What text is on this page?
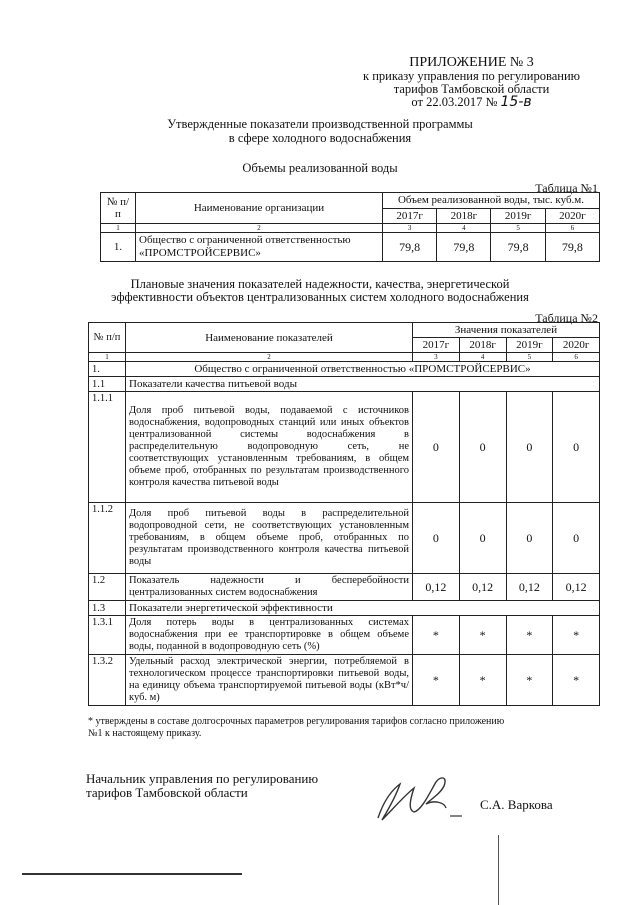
ПРИЛОЖЕНИЕ № 3
к приказу управления по регулированию
тарифов Тамбовской области
от 22.03.2017 № 15-в
Утвержденные показатели производственной программы
в сфере холодного водоснабжения
Объемы реализованной воды
Таблица №1
№ п/п	Наименование организации	Объем реализованной воды, тыс. куб.м.			
		2017г	2018г	2019г	2020г
1	2	3	4	5	6
1.	Общество с ограниченной ответственностью «ПРОМСТРОЙСЕРВИС»	79,8	79,8	79,8	79,8
Плановые значения показателей надежности, качества, энергетической
эффективности объектов централизованных систем холодного водоснабжения
Таблица №2
№ п/п	Наименование показателей	Значения показателей			
		2017г	2018г	2019г	2020г
1	2	3	4	5	6
1.	Общество с ограниченной ответственностью «ПРОМСТРОЙСЕРВИС»				
1.1	Показатели качества питьевой воды				
1.1.1	Доля проб питьевой воды, подаваемой с источников водоснабжения, водопроводных станций или иных объектов централизованной системы водоснабжения в распределительную водопроводную сеть, не соответствующих установленным требованиям, в общем объеме проб, отобранных по результатам производственного контроля качества питьевой воды	0	0	0	0
1.1.2	Доля проб питьевой воды в распределительной водопроводной сети, не соответствующих установленным требованиям, в общем объеме проб, отобранных по результатам производственного контроля качества питьевой воды	0	0	0	0
1.2	Показатель надежности и бесперебойности централизованных систем водоснабжения	0,12	0,12	0,12	0,12
1.3	Показатели энергетической эффективности				
1.3.1	Доля потерь воды в централизованных системах водоснабжения при ее транспортировке в общем объеме воды, поданной в водопроводную сеть (%)	*	*	*	*
1.3.2	Удельный расход электрической энергии, потребляемой в технологическом процессе транспортировки питьевой воды, на единицу объема транспортируемой питьевой воды (кВт*ч/куб. м)	*	*	*	*
* утверждены в составе долгосрочных параметров регулирования тарифов согласно приложению
№1 к настоящему приказу.
Начальник управления по регулированию
тарифов Тамбовской области
С.А. Варкова
